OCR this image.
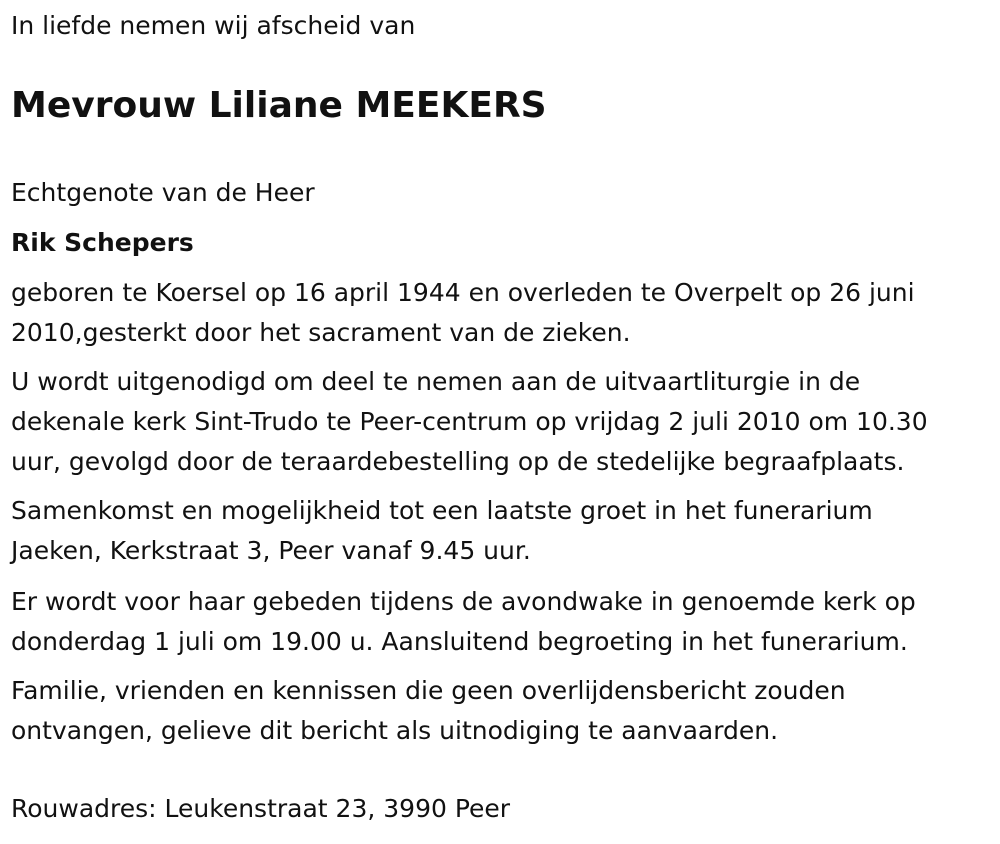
In liefde nemen wij afscheid van
Mevrouw Liliane MEEKERS
Echtgenote van de Heer
Rik Schepers
geboren te Koersel op 16 april 1944 en overleden te Overpelt op 26 juni
2010,gesterkt door het sacrament van de zieken.
U wordt uitgenodigd om deel te nemen aan de uitvaartliturgie in de
dekenale kerk Sint-Trudo te Peer-centrum op vrijdag 2 juli 2010 om 10.30
uur, gevolgd door de teraardebestelling op de stedelijke begraafplaats.
Samenkomst en mogelijkheid tot een laatste groet in het funerarium
Jaeken, Kerkstraat 3, Peer vanaf 9.45 uur.
Er wordt voor haar gebeden tijdens de avondwake in genoemde kerk op
donderdag 1 juli om 19.00 u. Aansluitend begroeting in het funerarium.
Familie, vrienden en kennissen die geen overlijdensbericht zouden
ontvangen, gelieve dit bericht als uitnodiging te aanvaarden.
Rouwadres: Leukenstraat 23, 3990 Peer
